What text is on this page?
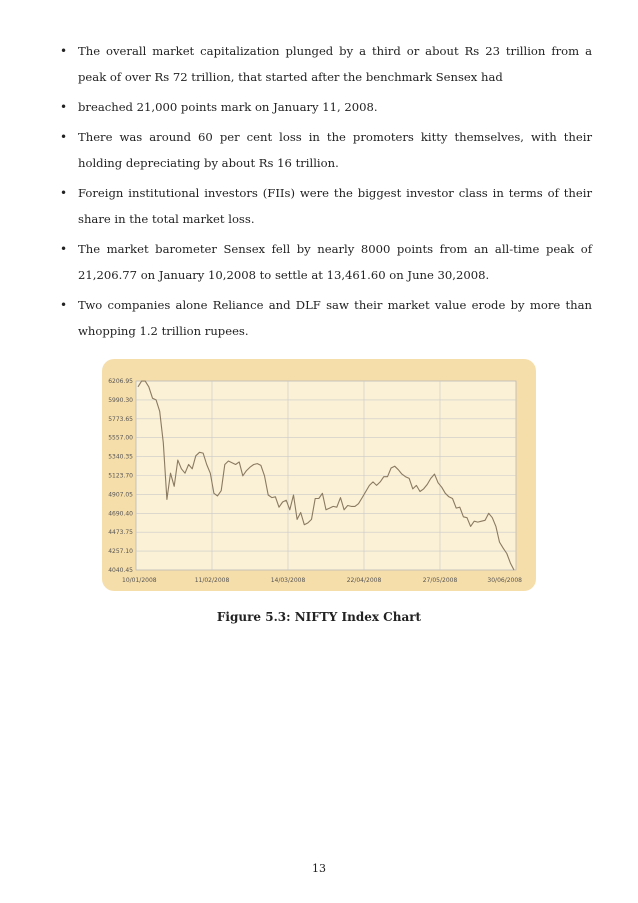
• The overall market capitalization plunged by a third or about Rs 23 trillion from a peak of over Rs 72 trillion, that started after the benchmark Sensex had
• breached 21,000 points mark on January 11, 2008.
• There was around 60 per cent loss in the promoters kitty themselves, with their holding depreciating by about Rs 16 trillion.
• Foreign institutional investors (FIIs) were the biggest investor class in terms of their share in the total market loss.
• The market barometer Sensex fell by nearly 8000 points from an all-time peak of 21,206.77 on January 10,2008 to settle at 13,461.60 on June 30,2008.
• Two companies alone Reliance and DLF saw their market value erode by more than whopping 1.2 trillion rupees.
6206.95
5990.30
5773.65
5557.00
5340.35
5123.70
4907.05
4690.40
4473.75
4257.10
4040.45
10/01/2008	11/02/2008	14/03/2008	22/04/2008	27/05/2008	30/06/2008
Figure 5.3: NIFTY Index Chart
13
